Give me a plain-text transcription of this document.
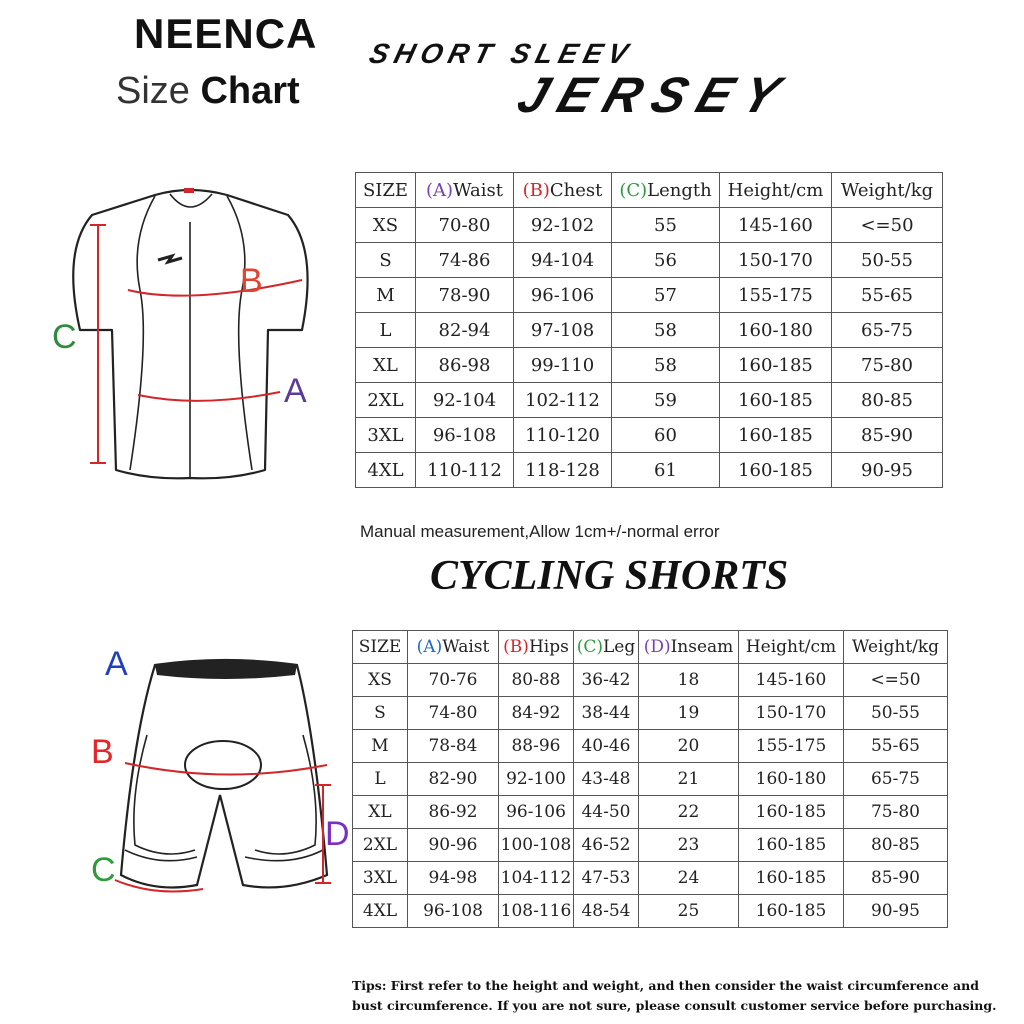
NEENCA
Size Chart
SHORT SLEEV
JERSEY
B
A
C
SIZE	(A)Waist	(B)Chest	(C)Length	Height/cm	Weight/kg
XS	70-80	92-102	55	145-160	<=50
S	74-86	94-104	56	150-170	50-55
M	78-90	96-106	57	155-175	55-65
L	82-94	97-108	58	160-180	65-75
XL	86-98	99-110	58	160-185	75-80
2XL	92-104	102-112	59	160-185	80-85
3XL	96-108	110-120	60	160-185	85-90
4XL	110-112	118-128	61	160-185	90-95
Manual measurement,Allow 1cm+/-normal error
CYCLING SHORTS
A
B
C
D
SIZE	(A)Waist	(B)Hips	(C)Leg	(D)Inseam	Height/cm	Weight/kg
XS	70-76	80-88	36-42	18	145-160	<=50
S	74-80	84-92	38-44	19	150-170	50-55
M	78-84	88-96	40-46	20	155-175	55-65
L	82-90	92-100	43-48	21	160-180	65-75
XL	86-92	96-106	44-50	22	160-185	75-80
2XL	90-96	100-108	46-52	23	160-185	80-85
3XL	94-98	104-112	47-53	24	160-185	85-90
4XL	96-108	108-116	48-54	25	160-185	90-95
Tips: First refer to the height and weight, and then consider the waist circumference and bust circumference. If you are not sure, please consult customer service before purchasing.
